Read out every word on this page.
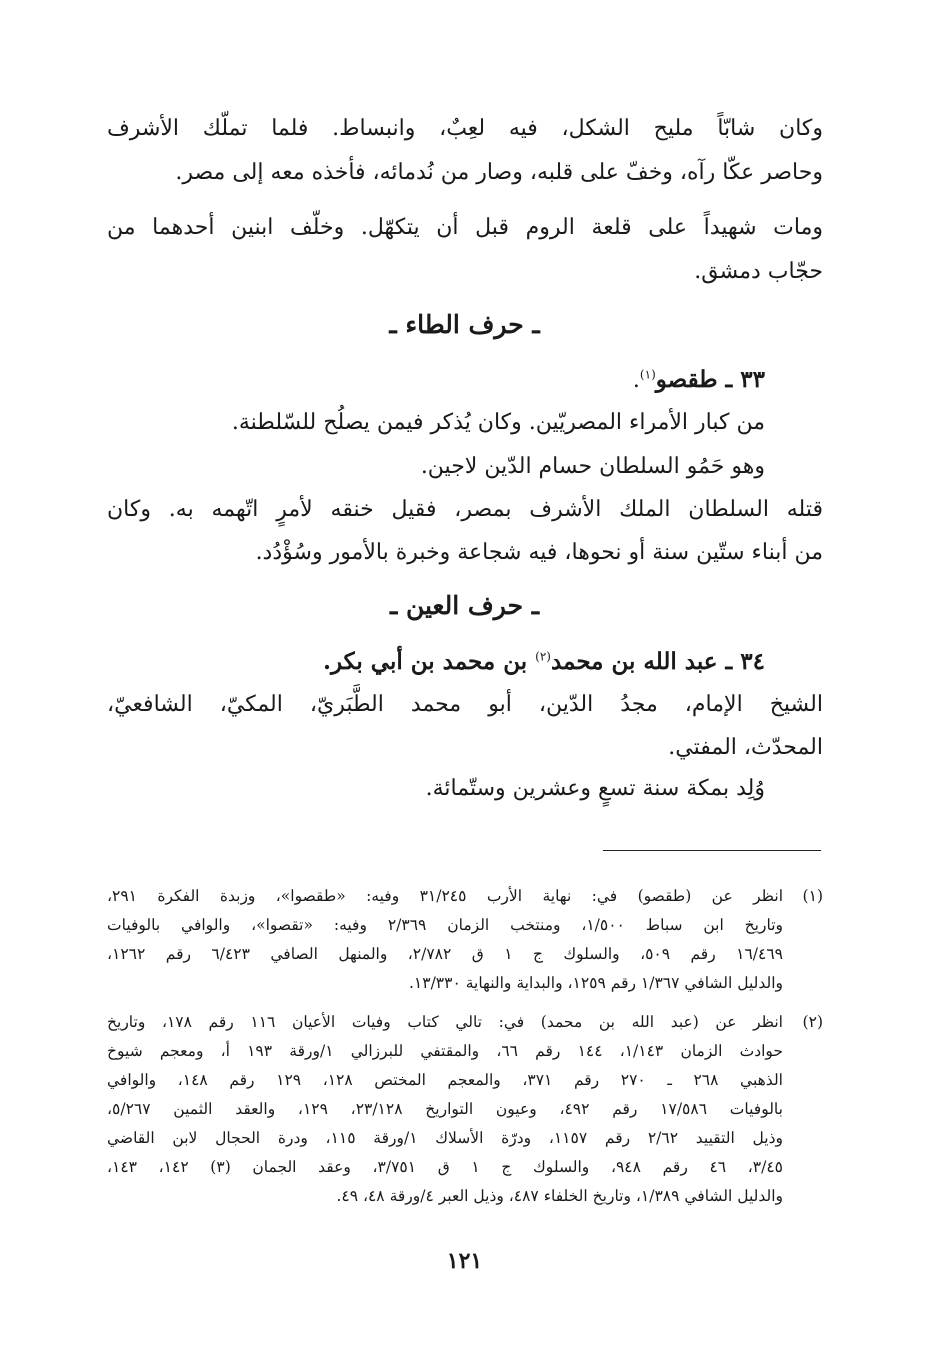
وكان شابّاً مليح الشكل، فيه لعِبٌ، وانبساط. فلما تملّك الأشرف
وحاصر عكّا رآه، وخفّ على قلبه، وصار من نُدمائه، فأخذه معه إلى مصر.
ومات شهيداً على قلعة الروم قبل أن يتكهّل. وخلّف ابنين أحدهما من
حجّاب دمشق.
ـ حرف الطاء ـ
٣٣ ـ طقصو$^{(١)}$.
من كبار الأمراء المصريّين. وكان يُذكر فيمن يصلُح للسّلطنة.
وهو حَمُو السلطان حسام الدّين لاجين.
قتله السلطان الملك الأشرف بمصر، فقيل خنقه لأمرٍ اتّهمه به. وكان
من أبناء ستّين سنة أو نحوها، فيه شجاعة وخبرة بالأمور وسُؤْدُد.
ـ حرف العين ـ
٣٤ ـ عبد الله بن محمد$^{(٢)}$ بن محمد بن أبي بكر.
الشيخ الإمام، مجدُ الدّين، أبو محمد الطَّبَريّ، المكيّ، الشافعيّ،
المحدّث، المفتي.
وُلِد بمكة سنة تسعٍ وعشرين وستّمائة.
(١)
انظر عن (طقصو) في: نهاية الأرب ٣١/٢٤٥ وفيه: «طقصوا»، وزبدة الفكرة ٢٩١،
وتاريخ ابن سباط ١/٥٠٠، ومنتخب الزمان ٢/٣٦٩ وفيه: «تقصوا»، والوافي بالوفيات
١٦/٤٦٩ رقم ٥٠٩، والسلوك ج ١ ق ٢/٧٨٢، والمنهل الصافي ٦/٤٢٣ رقم ١٢٦٢،
والدليل الشافي ١/٣٦٧ رقم ١٢٥٩، والبداية والنهاية ١٣/٣٣٠.
(٢)
انظر عن (عبد الله بن محمد) في: تالي كتاب وفيات الأعيان ١١٦ رقم ١٧٨، وتاريخ
حوادث الزمان ١/١٤٣، ١٤٤ رقم ٦٦، والمقتفي للبرزالي ١/ورقة ١٩٣ أ، ومعجم شيوخ
الذهبي ٢٦٨ ـ ٢٧٠ رقم ٣٧١، والمعجم المختص ١٢٨، ١٢٩ رقم ١٤٨، والوافي
بالوفيات ١٧/٥٨٦ رقم ٤٩٢، وعيون التواريخ ٢٣/١٢٨، ١٢٩، والعقد الثمين ٥/٢٦٧،
وذيل التقييد ٢/٦٢ رقم ١١٥٧، ودرّة الأسلاك ١/ورقة ١١٥، ودرة الحجال لابن القاضي
٣/٤٥، ٤٦ رقم ٩٤٨، والسلوك ج ١ ق ٣/٧٥١، وعقد الجمان (٣) ١٤٢، ١٤٣،
والدليل الشافي ١/٣٨٩، وتاريخ الخلفاء ٤٨٧، وذيل العبر ٤/ورقة ٤٨، ٤٩.
١٢١
